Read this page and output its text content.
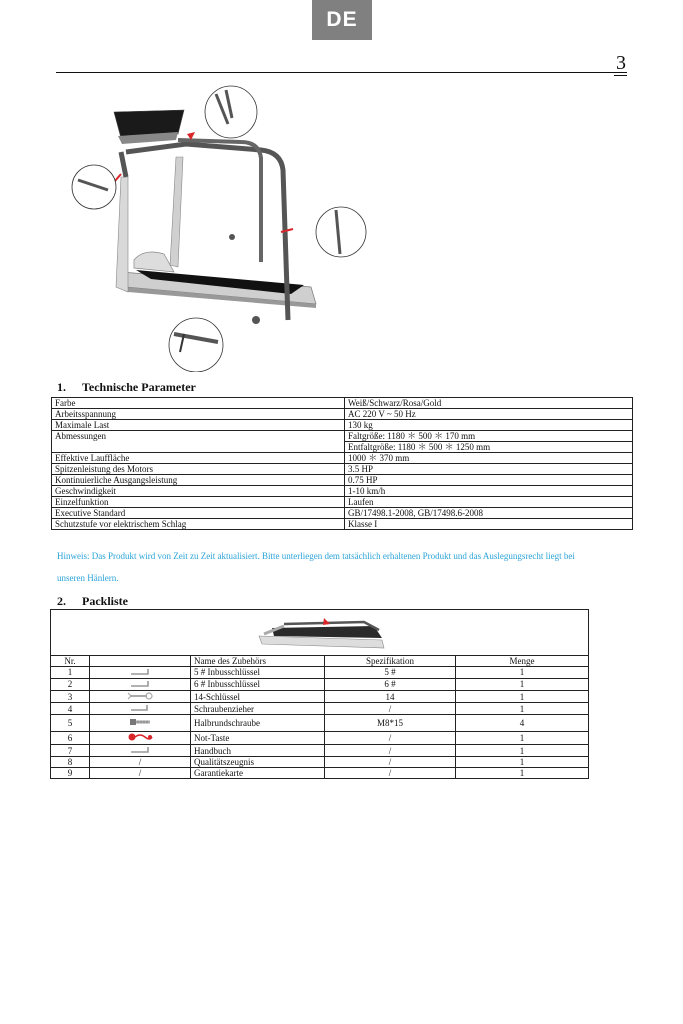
DE
3
1. Technische Parameter
Farbe	Weiß/Schwarz/Rosa/Gold
Arbeitsspannung	AC 220 V ~ 50 Hz
Maximale Last	130 kg
Abmessungen	Faltgröße: 1180 ＊ 500 ＊ 170 mm
	Entfaltgröße: 1180 ＊ 500 ＊ 1250 mm
Effektive Lauffläche	1000 ＊ 370 mm
Spitzenleistung des Motors	3.5 HP
Kontinuierliche Ausgangsleistung	0.75 HP
Geschwindigkeit	1-10 km/h
Einzelfunktion	Laufen
Executive Standard	GB/17498.1-2008, GB/17498.6-2008
Schutzstufe vor elektrischem Schlag	Klasse I
Hinweis: Das Produkt wird von Zeit zu Zeit aktualisiert. Bitte unterliegen dem tatsächlich erhaltenen Produkt und das Auslegungsrecht liegt bei
unseren Hänlern.
2. Packliste
Nr.		Name des Zubehörs	Spezifikation	Menge
1		5 # Inbusschlüssel	5 #	1
2		6 # Inbusschlüssel	6 #	1
3		14-Schlüssel	14	1
4		Schraubenzieher	/	1
5		Halbrundschraube	M8*15	4
6		Not-Taste	/	1
7		Handbuch	/	1
8	/	Qualitätszeugnis	/	1
9	/	Garantiekarte	/	1
